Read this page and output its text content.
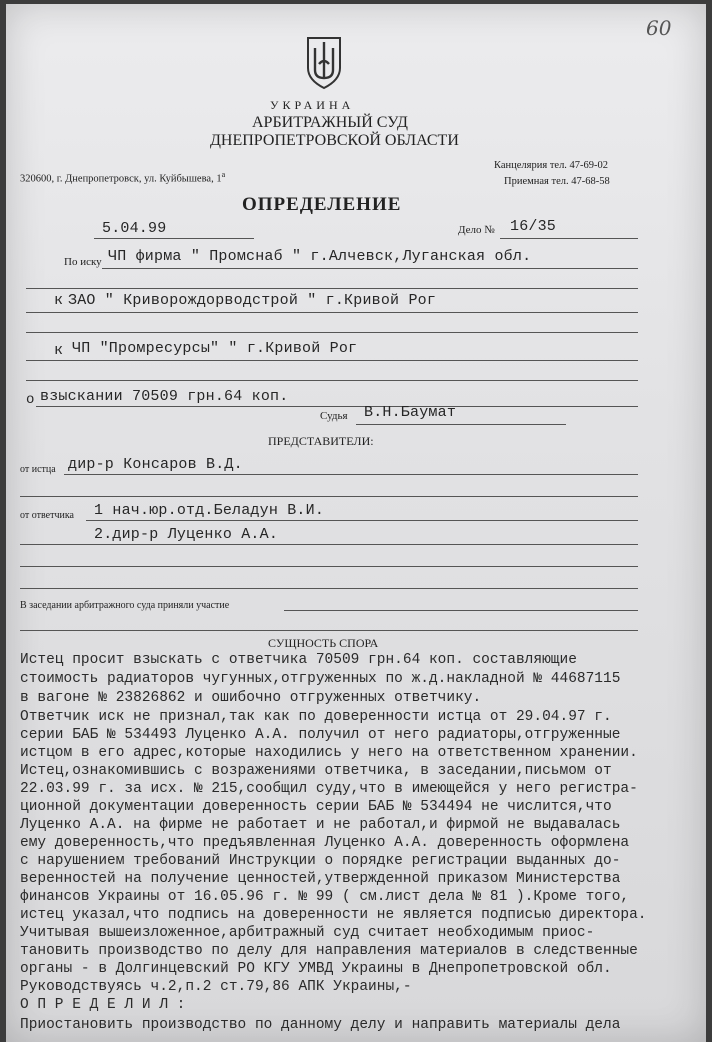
60
УКРАИНА
АРБИТРАЖНЫЙ СУД
ДНЕПРОПЕТРОВСКОЙ ОБЛАСТИ
320600, г. Днепропетровск, ул. Куйбышева, $1^а$
Канцелярия тел. 47-69-02
Приемная тел. 47-68-58
ОПРЕДЕЛЕНИЕ
5.04.99	Дело № 16/35
По иску ЧП фирма " Промснаб " г.Алчевск,Луганская обл.
к ЗАО " Криворождорводстрой " г.Кривой Рог
к ЧП "Промресурсы" " г.Кривой Рог
о взыскании 70509 грн.64 коп.
Судья В.Н.Баумат
ПРЕДСТАВИТЕЛИ:
от истца дир-р Консаров В.Д.
от ответчика 1 нач.юр.отд.Беладун В.И.
2.дир-р Луценко А.А.
В заседании арбитражного суда приняли участие
СУЩНОСТЬ СПОРА
Истец просит взыскать с ответчика 70509 грн.64 коп. составляющие
стоимость радиаторов чугунных,отгруженных по ж.д.накладной № 44687115
в вагоне № 23826862 и ошибочно отгруженных ответчику.
Ответчик иск не признал,так как по доверенности истца от 29.04.97 г.
серии БАБ № 534493 Луценко А.А. получил от него радиаторы,отгруженные
истцом в его адрес,которые находились у него на ответственном хранении.
Истец,ознакомившись с возражениями ответчика, в заседании,письмом от
22.03.99 г. за исх. № 215,сообщил суду,что в имеющейся у него регистра-
ционной документации доверенность серии БАБ № 534494 не числится,что
Луценко А.А. на фирме не работает и не работал,и фирмой не выдавалась
ему доверенность,что предъявленная Луценко А.А. доверенность оформлена
с нарушением требований Инструкции о порядке регистрации выданных до-
веренностей на получение ценностей,утвержденной приказом Министерства
финансов Украины от 16.05.96 г. № 99 ( см.лист дела № 81 ).Кроме того,
истец указал,что подпись на доверенности не является подписью директора.
Учитывая вышеизложенное,арбитражный суд считает необходимым приос-
тановить производство по делу для направления материалов в следственные
органы - в Долгинцевский РО КГУ УМВД Украины в Днепропетровской обл.
Руководствуясь ч.2,п.2 ст.79,86 АПК Украины,-
О П Р Е Д Е Л И Л :
Приостановить производство по данному делу и направить материалы дела
